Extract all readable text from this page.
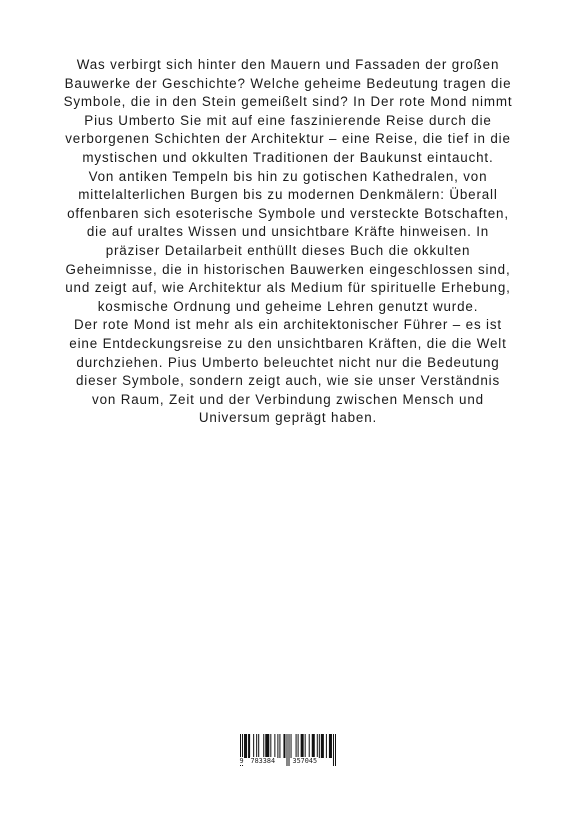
Was verbirgt sich hinter den Mauern und Fassaden der großen Bauwerke der Geschichte? Welche geheime Bedeutung tragen die Symbole, die in den Stein gemeißelt sind? In Der rote Mond nimmt Pius Umberto Sie mit auf eine faszinierende Reise durch die verborgenen Schichten der Architektur – eine Reise, die tief in die mystischen und okkulten Traditionen der Baukunst eintaucht.

Von antiken Tempeln bis hin zu gotischen Kathedralen, von mittelalterlichen Burgen bis zu modernen Denkmälern: Überall offenbaren sich esoterische Symbole und versteckte Botschaften, die auf uraltes Wissen und unsichtbare Kräfte hinweisen. In präziser Detailarbeit enthüllt dieses Buch die okkulten Geheimnisse, die in historischen Bauwerken eingeschlossen sind, und zeigt auf, wie Architektur als Medium für spirituelle Erhebung, kosmische Ordnung und geheime Lehren genutzt wurde.

Der rote Mond ist mehr als ein architektonischer Führer – es ist eine Entdeckungsreise zu den unsichtbaren Kräften, die die Welt durchziehen. Pius Umberto beleuchtet nicht nur die Bedeutung dieser Symbole, sondern zeigt auch, wie sie unser Verständnis von Raum, Zeit und der Verbindung zwischen Mensch und Universum geprägt haben.

9 783384	357045
